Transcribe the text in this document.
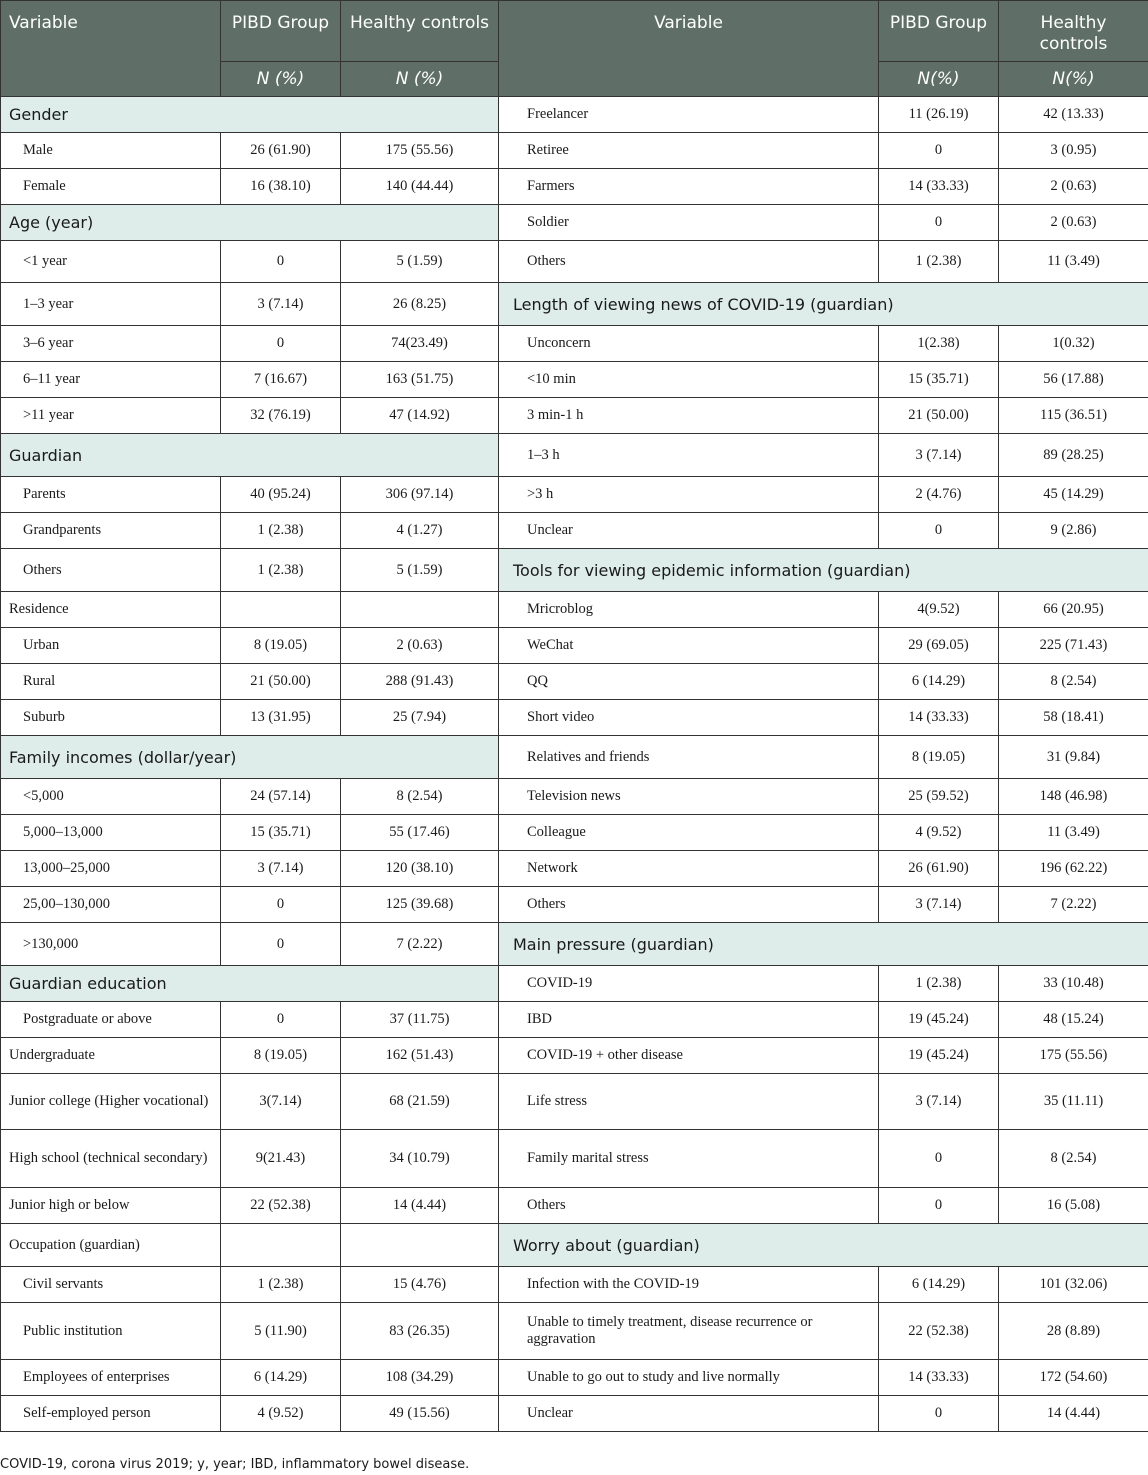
Variable	PIBD Group	Healthy controls	Variable	PIBD Group	Healthy controls
	N (%)	N (%)		N(%)	N(%)
Gender			Freelancer	11 (26.19)	42 (13.33)
Male	26 (61.90)	175 (55.56)	Retiree	0	3 (0.95)
Female	16 (38.10)	140 (44.44)	Farmers	14 (33.33)	2 (0.63)
Age (year)			Soldier	0	2 (0.63)
<1 year	0	5 (1.59)	Others	1 (2.38)	11 (3.49)
1–3 year	3 (7.14)	26 (8.25)	Length of viewing news of COVID-19 (guardian)		
3–6 year	0	74(23.49)	Unconcern	1(2.38)	1(0.32)
6–11 year	7 (16.67)	163 (51.75)	<10 min	15 (35.71)	56 (17.88)
>11 year	32 (76.19)	47 (14.92)	3 min-1 h	21 (50.00)	115 (36.51)
Guardian			1–3 h	3 (7.14)	89 (28.25)
Parents	40 (95.24)	306 (97.14)	>3 h	2 (4.76)	45 (14.29)
Grandparents	1 (2.38)	4 (1.27)	Unclear	0	9 (2.86)
Others	1 (2.38)	5 (1.59)	Tools for viewing epidemic information (guardian)		
Residence			Mricroblog	4(9.52)	66 (20.95)
Urban	8 (19.05)	2 (0.63)	WeChat	29 (69.05)	225 (71.43)
Rural	21 (50.00)	288 (91.43)	QQ	6 (14.29)	8 (2.54)
Suburb	13 (31.95)	25 (7.94)	Short video	14 (33.33)	58 (18.41)
Family incomes (dollar/year)			Relatives and friends	8 (19.05)	31 (9.84)
<5,000	24 (57.14)	8 (2.54)	Television news	25 (59.52)	148 (46.98)
5,000–13,000	15 (35.71)	55 (17.46)	Colleague	4 (9.52)	11 (3.49)
13,000–25,000	3 (7.14)	120 (38.10)	Network	26 (61.90)	196 (62.22)
25,00–130,000	0	125 (39.68)	Others	3 (7.14)	7 (2.22)
>130,000	0	7 (2.22)	Main pressure (guardian)		
Guardian education			COVID-19	1 (2.38)	33 (10.48)
Postgraduate or above	0	37 (11.75)	IBD	19 (45.24)	48 (15.24)
Undergraduate	8 (19.05)	162 (51.43)	COVID-19 + other disease	19 (45.24)	175 (55.56)
Junior college (Higher vocational)	3(7.14)	68 (21.59)	Life stress	3 (7.14)	35 (11.11)
High school (technical secondary)	9(21.43)	34 (10.79)	Family marital stress	0	8 (2.54)
Junior high or below	22 (52.38)	14 (4.44)	Others	0	16 (5.08)
Occupation (guardian)			Worry about (guardian)		
Civil servants	1 (2.38)	15 (4.76)	Infection with the COVID-19	6 (14.29)	101 (32.06)
Public institution	5 (11.90)	83 (26.35)	Unable to timely treatment, disease recurrence or aggravation	22 (52.38)	28 (8.89)
Employees of enterprises	6 (14.29)	108 (34.29)	Unable to go out to study and live normally	14 (33.33)	172 (54.60)
Self-employed person	4 (9.52)	49 (15.56)	Unclear	0	14 (4.44)
COVID-19, corona virus 2019; y, year; IBD, inflammatory bowel disease.
